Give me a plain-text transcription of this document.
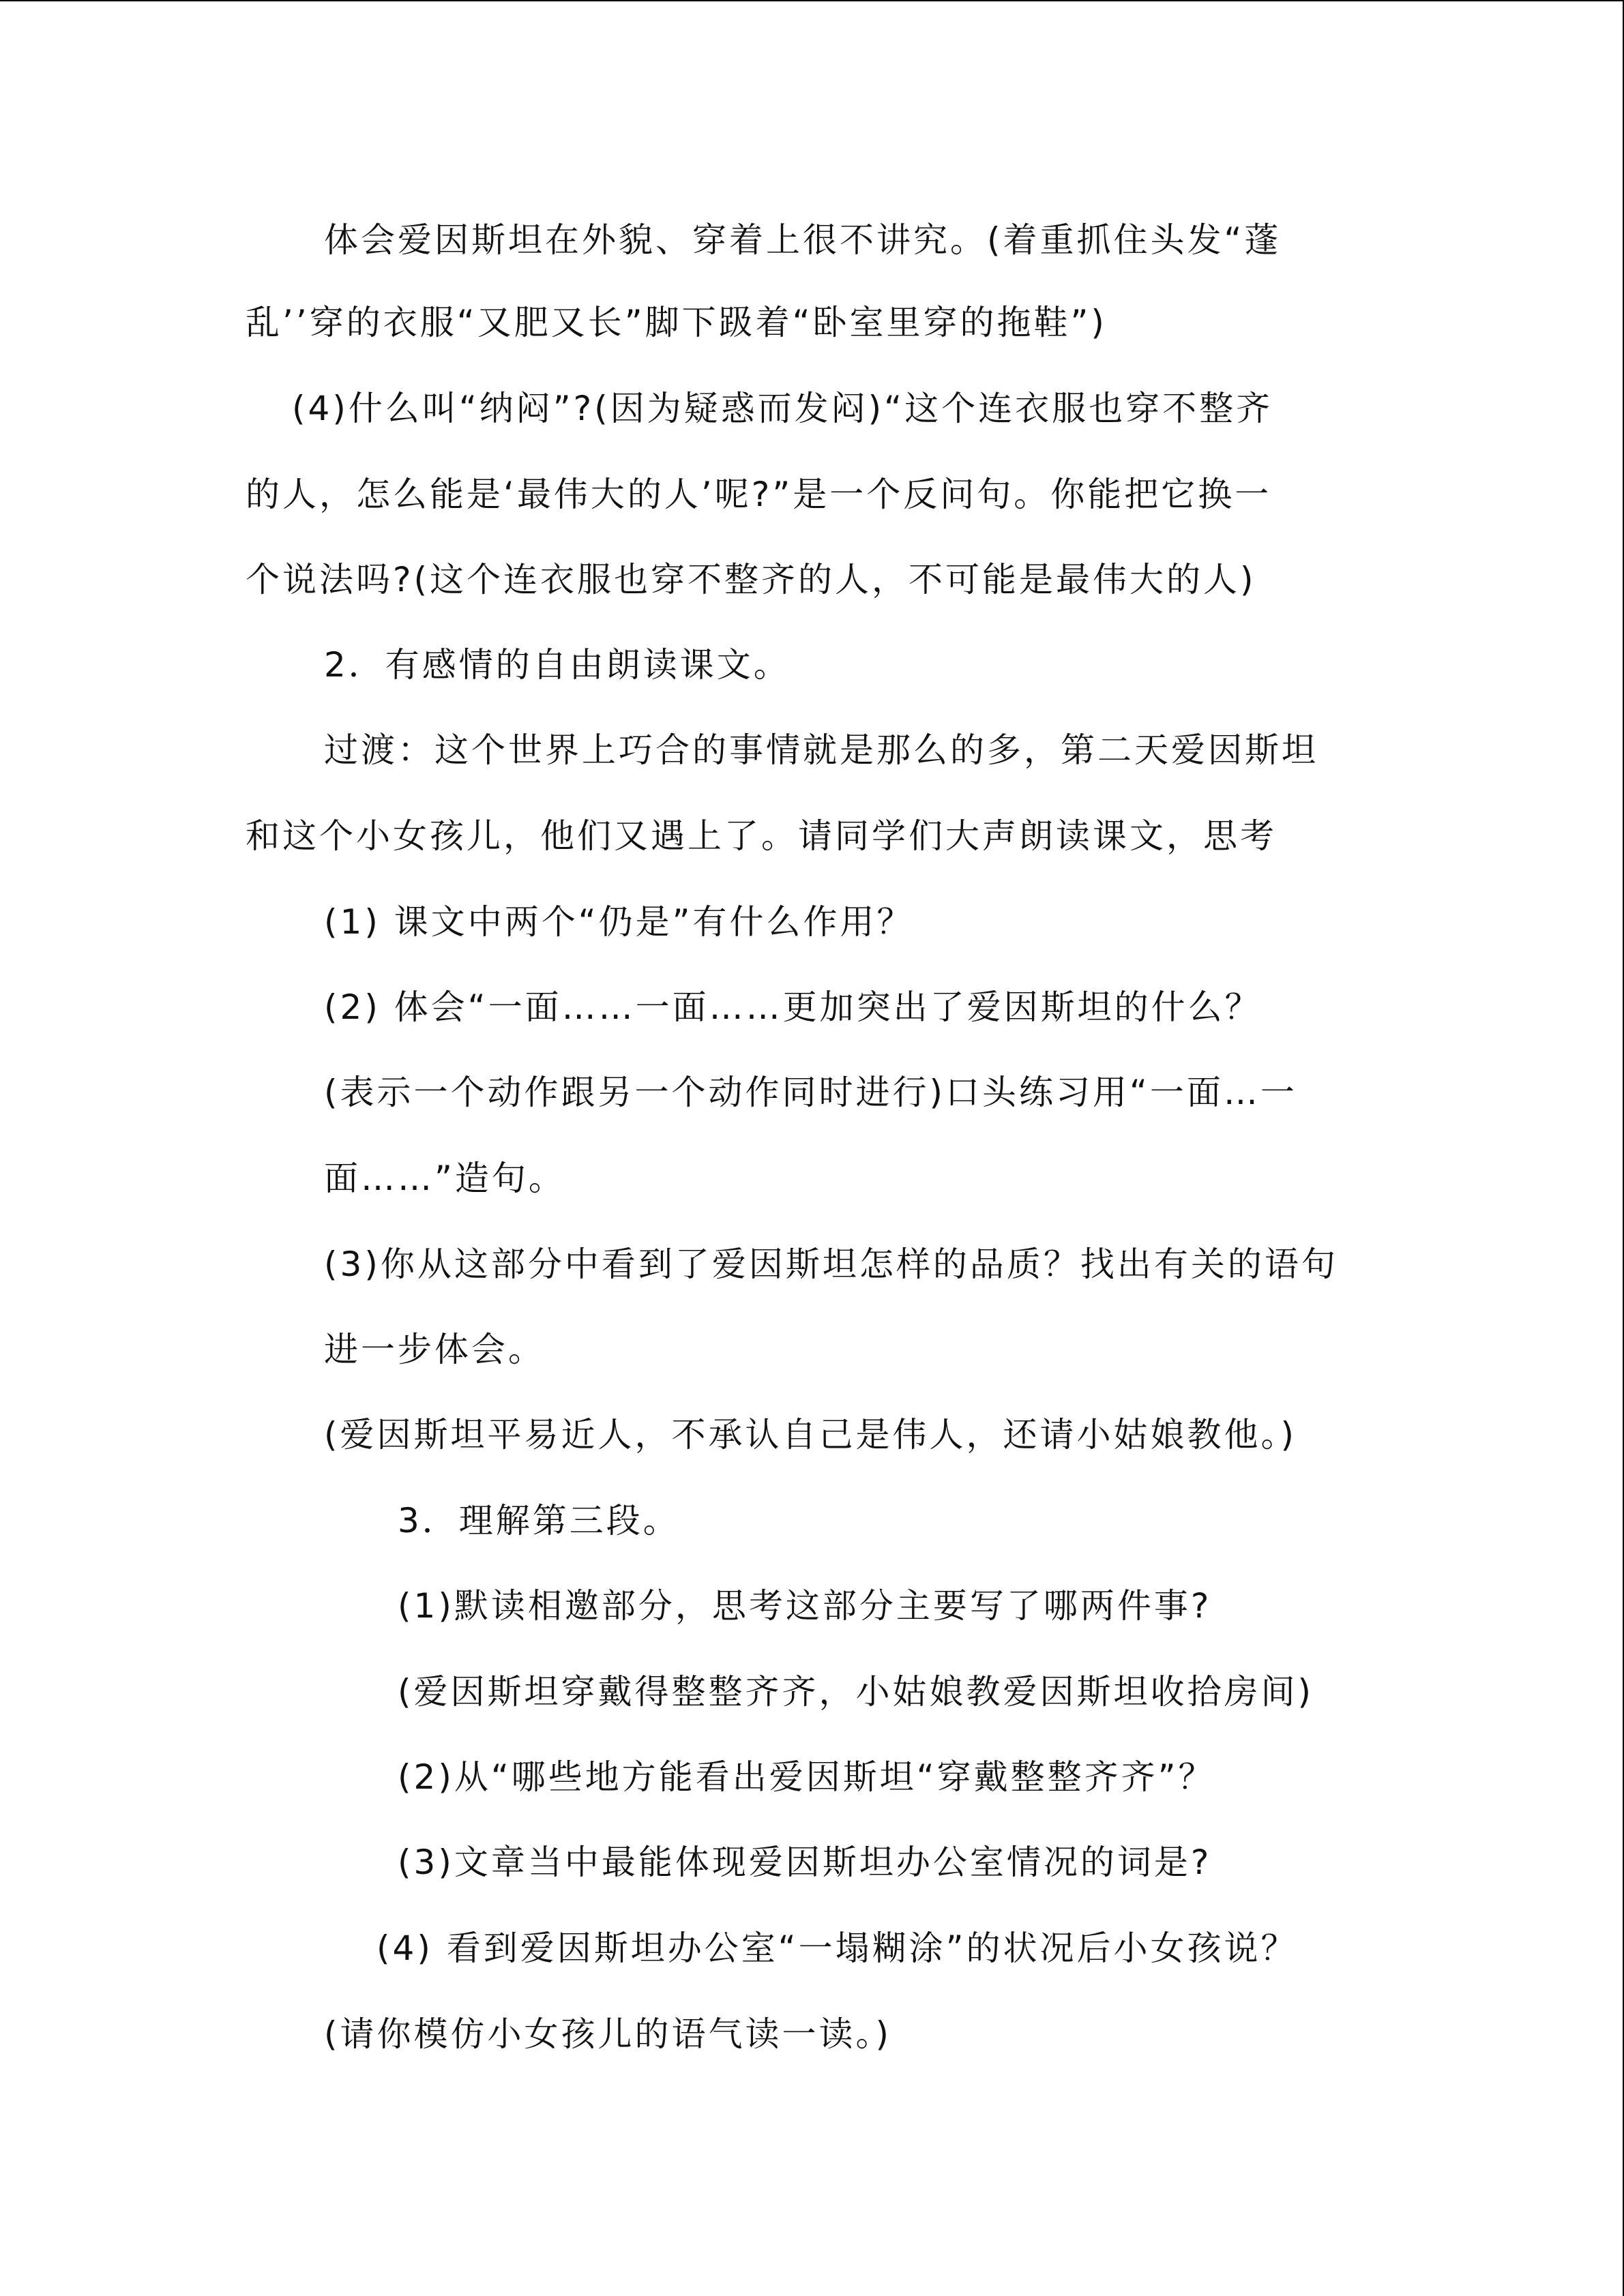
体会爱因斯坦在外貌、穿着上很不讲究。(着重抓住头发“蓬
乱’’穿的衣服“又肥又长”脚下趿着“卧室里穿的拖鞋”)
(4)什么叫“纳闷”?(因为疑惑而发闷)“这个连衣服也穿不整齐
的人，怎么能是‘最伟大的人’呢?”是一个反问句。你能把它换一
个说法吗?(这个连衣服也穿不整齐的人，不可能是最伟大的人)
2．有感情的自由朗读课文。
过渡：这个世界上巧合的事情就是那么的多，第二天爱因斯坦
和这个小女孩儿，他们又遇上了。请同学们大声朗读课文，思考
(1) 课文中两个“仍是”有什么作用？
(2) 体会“一面……一面……更加突出了爱因斯坦的什么？
(表示一个动作跟另一个动作同时进行)口头练习用“一面…一
面……”造句。
(3)你从这部分中看到了爱因斯坦怎样的品质？找出有关的语句
进一步体会。
(爱因斯坦平易近人，不承认自己是伟人，还请小姑娘教他。)
3．理解第三段。
(1)默读相邀部分，思考这部分主要写了哪两件事?
(爱因斯坦穿戴得整整齐齐，小姑娘教爱因斯坦收拾房间)
(2)从“哪些地方能看出爱因斯坦“穿戴整整齐齐”？
(3)文章当中最能体现爱因斯坦办公室情况的词是?
(4) 看到爱因斯坦办公室“一塌糊涂”的状况后小女孩说？
(请你模仿小女孩儿的语气读一读。)
